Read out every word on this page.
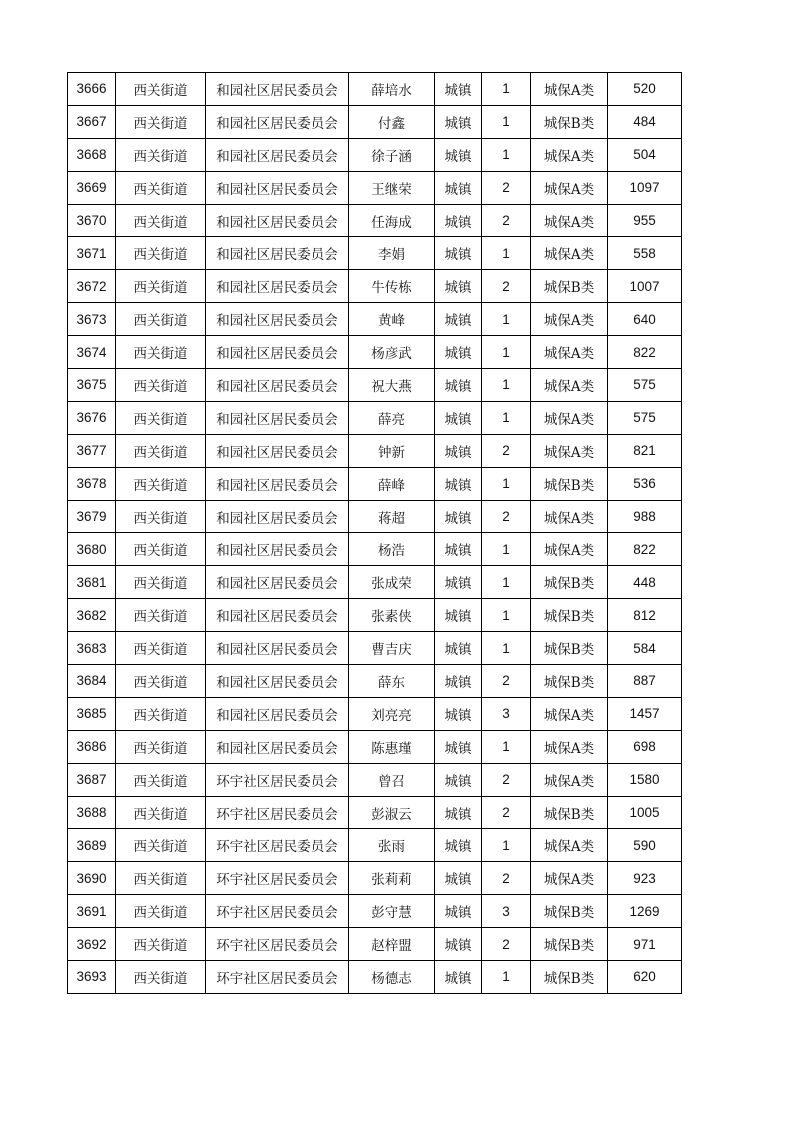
3666	西关街道	和园社区居民委员会	薛培水	城镇	1	城保A类	520
3667	西关街道	和园社区居民委员会	付鑫	城镇	1	城保B类	484
3668	西关街道	和园社区居民委员会	徐子涵	城镇	1	城保A类	504
3669	西关街道	和园社区居民委员会	王继荣	城镇	2	城保A类	1097
3670	西关街道	和园社区居民委员会	任海成	城镇	2	城保A类	955
3671	西关街道	和园社区居民委员会	李娟	城镇	1	城保A类	558
3672	西关街道	和园社区居民委员会	牛传栋	城镇	2	城保B类	1007
3673	西关街道	和园社区居民委员会	黄峰	城镇	1	城保A类	640
3674	西关街道	和园社区居民委员会	杨彦武	城镇	1	城保A类	822
3675	西关街道	和园社区居民委员会	祝大燕	城镇	1	城保A类	575
3676	西关街道	和园社区居民委员会	薛亮	城镇	1	城保A类	575
3677	西关街道	和园社区居民委员会	钟新	城镇	2	城保A类	821
3678	西关街道	和园社区居民委员会	薛峰	城镇	1	城保B类	536
3679	西关街道	和园社区居民委员会	蒋超	城镇	2	城保A类	988
3680	西关街道	和园社区居民委员会	杨浩	城镇	1	城保A类	822
3681	西关街道	和园社区居民委员会	张成荣	城镇	1	城保B类	448
3682	西关街道	和园社区居民委员会	张素侠	城镇	1	城保B类	812
3683	西关街道	和园社区居民委员会	曹吉庆	城镇	1	城保B类	584
3684	西关街道	和园社区居民委员会	薛东	城镇	2	城保B类	887
3685	西关街道	和园社区居民委员会	刘亮亮	城镇	3	城保A类	1457
3686	西关街道	和园社区居民委员会	陈惠瑾	城镇	1	城保A类	698
3687	西关街道	环宇社区居民委员会	曾召	城镇	2	城保A类	1580
3688	西关街道	环宇社区居民委员会	彭淑云	城镇	2	城保B类	1005
3689	西关街道	环宇社区居民委员会	张雨	城镇	1	城保A类	590
3690	西关街道	环宇社区居民委员会	张莉莉	城镇	2	城保A类	923
3691	西关街道	环宇社区居民委员会	彭守慧	城镇	3	城保B类	1269
3692	西关街道	环宇社区居民委员会	赵梓盟	城镇	2	城保B类	971
3693	西关街道	环宇社区居民委员会	杨德志	城镇	1	城保B类	620
